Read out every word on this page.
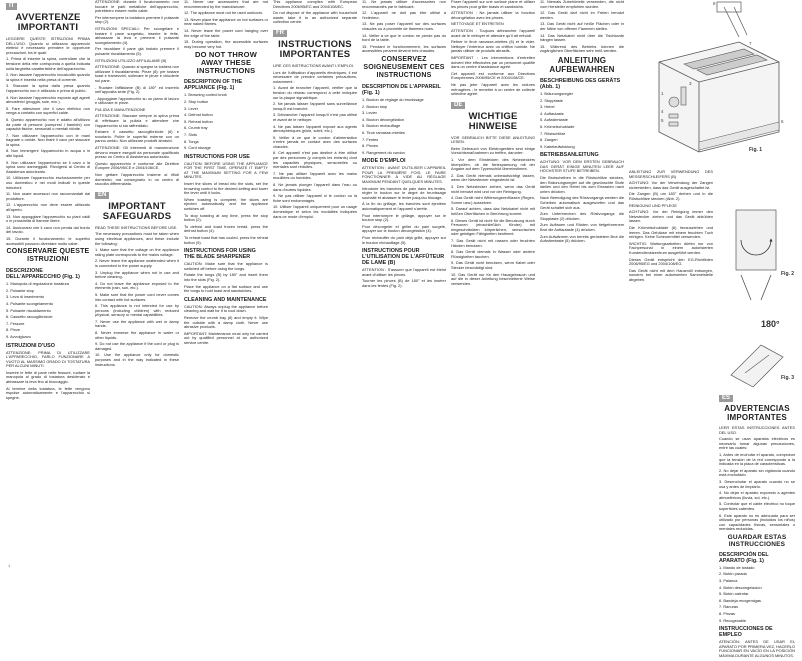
IT
AVVERTENZE IMPORTANTI

LEGGERE QUESTE ISTRUZIONI PRIMA DELL'USO. Quando si utilizzano apparecchi elettrici è necessario prendere le opportune precauzioni, tra le quali:

1. Prima di inserire la spina, controllare che la tensione della rete corrisponda a quella indicata sulla targhetta caratteristiche dell'apparecchio.

2. Non lasciare l'apparecchio incustodito quando la spina è inserita nella presa di corrente.

3. Staccare la spina dalla presa quando l'apparecchio non è utilizzato e prima di pulirlo.

4. Non lasciare l'apparecchio esposto agli agenti atmosferici (pioggia, sole, ecc.).

5. Fare attenzione che il cavo elettrico non venga a contatto con superfici calde.

6. Questo apparecchio non è adatto all'utilizzo da parte di persone (compresi i bambini) con capacità fisiche, sensoriali o mentali ridotte.

7. Non utilizzare l'apparecchio con le mani bagnate o umide. Non tirare il cavo per staccare la spina.

8. Non immergere l'apparecchio in acqua o in altri liquidi.

9. Non utilizzare l'apparecchio se il cavo o la spina sono danneggiati. Rivolgersi al Centro di Assistenza autorizzato.

10. Utilizzare l'apparecchio esclusivamente per uso domestico e nei modi indicati in queste istruzioni.

11. Non usare accessori non raccomandati dal produttore.

12. L'apparecchio non deve essere utilizzato all'aperto.

13. Non appoggiare l'apparecchio su piani caldi o in prossimità di fiamme libere.

14. Assicurarsi che il cavo non penda dal bordo del tavolo.

15. Durante il funzionamento le superfici accessibili possono diventare molto calde.

CONSERVARE QUESTE ISTRUZIONI
DESCRIZIONE DELL'APPARECCHIO (Fig. 1)

1. Manopola di regolazione tostatura

2. Pulsante stop

3. Leva di inserimento

4. Pulsante scongelamento

5. Pulsante riscaldamento

6. Cassetto raccoglibriciole

7. Fessure

8. Pinze

9. Avvolgicavo

ISTRUZIONI D'USO

ATTENZIONE: PRIMA DI UTILIZZARE L'APPARECCHIO, FARLO FUNZIONARE A VUOTO AL MASSIMO GRADO DI TOSTATURA PER ALCUNI MINUTI.

Inserire le fette di pane nelle fessure, ruotare la manopola al grado di tostatura desiderato e abbassare la leva fino al bloccaggio.

Al termine della tostatura, le fette vengono espulse automaticamente e l'apparecchio si spegne.

ATTENZIONE: durante il funzionamento non toccare le parti metalliche dell'apparecchio, potrebbero essere molto calde.

Per interrompere la tostatura premere il pulsante stop (2).

ISTRUZIONI SPECIALI: Per scongelare e tostare il pane surgelato, inserire le fette, abbassare la leva e premere il pulsante scongelamento (4).

Per riscaldare il pane già tostato premere il pulsante riscaldamento (5).

ISTRUZIONI UTILIZZO AFFILALAME (B)

ATTENZIONE: Quando si spegne la tostiera non utilizzare il riscaldamento. Pinze (8): per tostare toast e tramezzini, sollevare le pinze e chiuderle sul pane.

- Ruotare l'affilalame (B) di 180° ed inserirlo nell'apposita sede (Fig. 2).

- Appoggiare l'apparecchio su un piano di lavoro e utilizzare le pinze.

PULIZIA E MANUTENZIONE

ATTENZIONE: Staccare sempre la spina prima di effettuare la pulizia e attendere che l'apparecchio si sia raffreddato.

Estrarre il cassetto raccoglibriciole (6) e svuotarlo. Pulire le superfici esterne con un panno umido. Non utilizzare prodotti abrasivi.

ATTENZIONE: Gli interventi di manutenzione devono essere eseguiti da personale qualificato presso un Centro di Assistenza autorizzato.

Questo apparecchio è conforme alle Direttive Europee 2006/95/CE e 2004/108/CE.

Non gettare l'apparecchio insieme ai rifiuti domestici, ma consegnarlo in un centro di raccolta differenziata.

EN
IMPORTANT SAFEGUARDS

READ THESE INSTRUCTIONS BEFORE USE.

The necessary precautions must be taken when using electrical appliances, and these include the following:

1. Make sure that the voltage on the appliance rating plate corresponds to the mains voltage.

2. Never leave the appliance unattended when it is connected to the power supply.

3. Unplug the appliance when not in use and before cleaning.

4. Do not leave the appliance exposed to the elements (rain, sun, etc.).

5. Make sure that the power cord never comes into contact with hot surfaces.

6. This appliance is not intended for use by persons (including children) with reduced physical, sensory or mental capabilities.

7. Never use the appliance with wet or damp hands.

8. Never immerse the appliance in water or other liquids.

9. Do not use the appliance if the cord or plug is damaged.

10. Use the appliance only for domestic purposes and in the way indicated in these instructions.

11. Never use accessories that are not recommended by the manufacturer.

12. The appliance must not be used outdoors.

13. Never place the appliance on hot surfaces or near naked flames.

14. Never leave the power cord hanging over the edge of the table.

15. During operation, the accessible surfaces may become very hot.

DO NOT THROW AWAY THESE INSTRUCTIONS
DESCRIPTION OF THE APPLIANCE (Fig. 1)

1. Browning control knob

2. Stop button

3. Lever

4. Defrost button

5. Reheat button

6. Crumb tray

7. Slots

8. Tongs

9. Cord storage

INSTRUCTIONS FOR USE

CAUTION: BEFORE USING THE APPLIANCE FOR THE FIRST TIME, OPERATE IT EMPTY AT THE MAXIMUM SETTING FOR A FEW MINUTES.

Insert the slices of bread into the slots, set the browning control to the desired setting and lower the lever until it locks.

When toasting is complete, the slices are ejected automatically and the appliance switches off.

To stop toasting at any time, press the stop button (2).

To defrost and toast frozen bread, press the defrost button (4).

To reheat toast that has cooled, press the reheat button (5).

INSTRUCTIONS FOR USING THE BLADE SHARPENER

CAUTION: Make sure that the appliance is switched off before using the tongs.

Rotate the tongs (B) by 180° and insert them into the slots (Fig. 2).

Place the appliance on a flat surface and use the tongs to hold toast and sandwiches.

CLEANING AND MAINTENANCE

CAUTION: Always unplug the appliance before cleaning and wait for it to cool down.

Remove the crumb tray (6) and empty it. Wipe the outside with a damp cloth. Never use abrasive products.

IMPORTANT: Maintenance must only be carried out by qualified personnel at an authorized service centre.

This appliance complies with European Directives 2006/95/EC and 2004/108/EC.

Do not dispose of the appliance with household waste; take it to an authorized separate collection centre.

FR
INSTRUCTIONS IMPORTANTES

LIRE CES INSTRUCTIONS AVANT L'EMPLOI.

Lors de l'utilisation d'appareils électriques, il est nécessaire de prendre certaines précautions, notamment :

1. Avant de brancher l'appareil, vérifier que la tension du réseau correspond à celle indiquée sur la plaque signalétique.

2. Ne jamais laisser l'appareil sans surveillance lorsqu'il est branché.

3. Débrancher l'appareil lorsqu'il n'est pas utilisé et avant de le nettoyer.

4. Ne pas laisser l'appareil exposé aux agents atmosphériques (pluie, soleil, etc.).

5. Veiller à ce que le cordon d'alimentation n'entre jamais en contact avec des surfaces chaudes.

6. Cet appareil n'est pas destiné à être utilisé par des personnes (y compris les enfants) dont les capacités physiques, sensorielles ou mentales sont réduites.

7. Ne pas utiliser l'appareil avec les mains mouillées ou humides.

8. Ne jamais plonger l'appareil dans l'eau ou dans d'autres liquides.

9. Ne pas utiliser l'appareil si le cordon ou la fiche sont endommagés.

10. Utiliser l'appareil uniquement pour un usage domestique et selon les modalités indiquées dans ce mode d'emploi.

11. Ne jamais utiliser d'accessoires non recommandés par le fabricant.

12. L'appareil ne doit pas être utilisé à l'extérieur.

13. Ne pas poser l'appareil sur des surfaces chaudes ou à proximité de flammes nues.

14. Veiller à ce que le cordon ne pende pas du bord de la table.

15. Pendant le fonctionnement, les surfaces accessibles peuvent devenir très chaudes.

CONSERVEZ SOIGNEUSEMENT CES INSTRUCTIONS
DESCRIPTION DE L'APPAREIL (Fig. 1)

1. Bouton de réglage du brunissage

2. Bouton stop

3. Levier

4. Bouton décongélation

5. Bouton réchauffage

6. Tiroir ramasse-miettes

7. Fentes

8. Pinces

9. Rangement du cordon

MODE D'EMPLOI

ATTENTION : AVANT D'UTILISER L'APPAREIL POUR LA PREMIÈRE FOIS, LE FAIRE FONCTIONNER À VIDE AU RÉGLAGE MAXIMUM PENDANT QUELQUES MINUTES.

Introduire les tranches de pain dans les fentes, régler le bouton sur le degré de brunissage souhaité et abaisser le levier jusqu'au blocage.

À la fin du grillage, les tranches sont éjectées automatiquement et l'appareil s'arrête.

Pour interrompre le grillage, appuyer sur le bouton stop (2).

Pour décongeler et griller du pain surgelé, appuyer sur le bouton décongélation (4).

Pour réchauffer du pain déjà grillé, appuyer sur le bouton réchauffage (5).

INSTRUCTIONS POUR L'UTILISATION DE L'AFFÛTEUR DE LAME (B)

ATTENTION : S'assurer que l'appareil est éteint avant d'utiliser les pinces.

Tourner les pinces (B) de 180° et les insérer dans les fentes (Fig. 2).

Poser l'appareil sur une surface plane et utiliser les pinces pour griller toasts et sandwichs.

ATTENTION : Ne jamais utiliser la fonction décongélation avec les pinces.

NETTOYAGE ET ENTRETIEN

ATTENTION : Toujours débrancher l'appareil avant de le nettoyer et attendre qu'il ait refroidi.

Retirer le tiroir ramasse-miettes (6) et le vider. Nettoyer l'extérieur avec un chiffon humide. Ne jamais utiliser de produits abrasifs.

IMPORTANT : Les interventions d'entretien doivent être effectuées par un personnel qualifié dans un centre d'assistance agréé.

Cet appareil est conforme aux Directives Européennes 2006/95/CE et 2004/108/CE.

Ne pas jeter l'appareil avec les ordures ménagères ; le remettre à un centre de collecte sélective agréé.

DE
WICHTIGE HINWEISE

VOR GEBRAUCH BITTE DIESE ANLEITUNG LESEN.

Beim Gebrauch von Elektrogeräten sind einige Vorsichtsmaßnahmen zu treffen, darunter:

1. Vor dem Einstecken des Netzsteckers überprüfen, ob die Netzspannung mit der Angabe auf dem Typenschild übereinstimmt.

2. Das Gerät niemals unbeaufsichtigt lassen, wenn der Netzstecker eingesteckt ist.

3. Den Netzstecker ziehen, wenn das Gerät nicht benutzt wird und vor der Reinigung.

4. Das Gerät nicht Witterungseinflüssen (Regen, Sonne usw.) aussetzen.

5. Darauf achten, dass das Netzkabel nicht mit heißen Oberflächen in Berührung kommt.

6. Dieses Gerät ist nicht für die Benutzung durch Personen (einschließlich Kinder) mit eingeschränkten körperlichen, sensorischen oder geistigen Fähigkeiten bestimmt.

7. Das Gerät nicht mit nassen oder feuchten Händen benutzen.

8. Das Gerät niemals in Wasser oder andere Flüssigkeiten tauchen.

9. Das Gerät nicht benutzen, wenn Kabel oder Stecker beschädigt sind.

10. Das Gerät nur für den Hausgebrauch und auf die in dieser Anleitung beschriebene Weise verwenden.

11. Niemals Zubehörteile verwenden, die nicht vom Hersteller empfohlen wurden.

12. Das Gerät darf nicht im Freien benutzt werden.

13. Das Gerät nicht auf heiße Flächen oder in der Nähe von offenen Flammen stellen.

14. Das Netzkabel nicht über die Tischkante hängen lassen.

15. Während des Betriebs können die zugänglichen Oberflächen sehr heiß werden.

ANLEITUNG AUFBEWAHREN
BESCHREIBUNG DES GERÄTS (Abb. 1)

1. Bräunungsregler

2. Stopptaste

3. Hebel

4. Auftautaste

5. Aufwärmtaste

6. Krümelschublade

7. Röstschlitze

8. Zangen

9. Kabelaufwicklung

BETRIEBSANLEITUNG

ACHTUNG: VOR DEM ERSTEN GEBRAUCH DAS GERÄT EINIGE MINUTEN LEER AUF HÖCHSTER STUFE BETREIBEN.

Die Brotscheiben in die Röstschlitze stecken, den Bräunungsregler auf die gewünschte Stufe stellen und den Hebel bis zum Einrasten nach unten drücken.

Nach Beendigung des Röstvorgangs werden die Scheiben automatisch ausgeworfen und das Gerät schaltet sich aus.

Zum Unterbrechen des Röstvorgangs die Stopptaste (2) drücken.

Zum Auftauen und Rösten von tiefgefrorenem Brot die Auftautaste (4) drücken.

Zum Aufwärmen von bereits geröstetem Brot die Aufwärmtaste (5) drücken.

Fig. 1
1
4
5
3
7
8
6

ANLEITUNG ZUR VERWENDUNG DES MESSERSCHLEIFERS (B)

ACHTUNG: Vor der Verwendung der Zangen sicherstellen, dass das Gerät ausgeschaltet ist.

Die Zangen (B) um 180° drehen und in die Röstschlitze stecken (Abb. 2).

REINIGUNG UND PFLEGE

ACHTUNG: Vor der Reinigung immer den Netzstecker ziehen und das Gerät abkühlen lassen.

Die Krümelschublade (6) herausziehen und leeren. Das Gehäuse mit einem feuchten Tuch reinigen. Keine Scheuermittel verwenden.

WICHTIG: Wartungsarbeiten dürfen nur von Fachpersonal in einem autorisierten Kundendienstzentrum ausgeführt werden.

Dieses Gerät entspricht den EG-Richtlinien 2006/95/EG und 2004/108/EG.

Das Gerät nicht mit dem Hausmüll entsorgen, sondern bei einer autorisierten Sammelstelle abgeben.

Fig. 2
180°
Fig. 3
ES
ADVERTENCIAS IMPORTANTES

LEER ESTAS INSTRUCCIONES ANTES DEL USO.

Cuando se usan aparatos eléctricos es necesario tomar algunas precauciones, entre las cuales:

1. Antes de enchufar el aparato, comprobar que la tensión de la red corresponde a la indicada en la placa de características.

2. No dejar el aparato sin vigilancia cuando está enchufado.

3. Desenchufar el aparato cuando no se usa y antes de limpiarlo.

4. No dejar el aparato expuesto a agentes atmosféricos (lluvia, sol, etc.).

5. Controlar que el cable eléctrico no toque superficies calientes.

6. Este aparato no es adecuado para ser utilizado por personas (incluidos los niños) con capacidades físicas, sensoriales o mentales reducidas.

GUARDAR ESTAS INSTRUCCIONES
DESCRIPCIÓN DEL APARATO (Fig. 1)

1. Mando de tostado

2. Botón parada

3. Palanca

4. Botón descongelación

5. Botón calentar

6. Bandeja recogemigas

7. Ranuras

8. Pinzas

9. Recogecable

INSTRUCCIONES DE EMPLEO

ATENCIÓN: ANTES DE USAR EL APARATO POR PRIMERA VEZ, HACERLO FUNCIONAR EN VACÍO EN LA POSICIÓN MÁXIMA DURANTE ALGUNOS MINUTOS.

1
